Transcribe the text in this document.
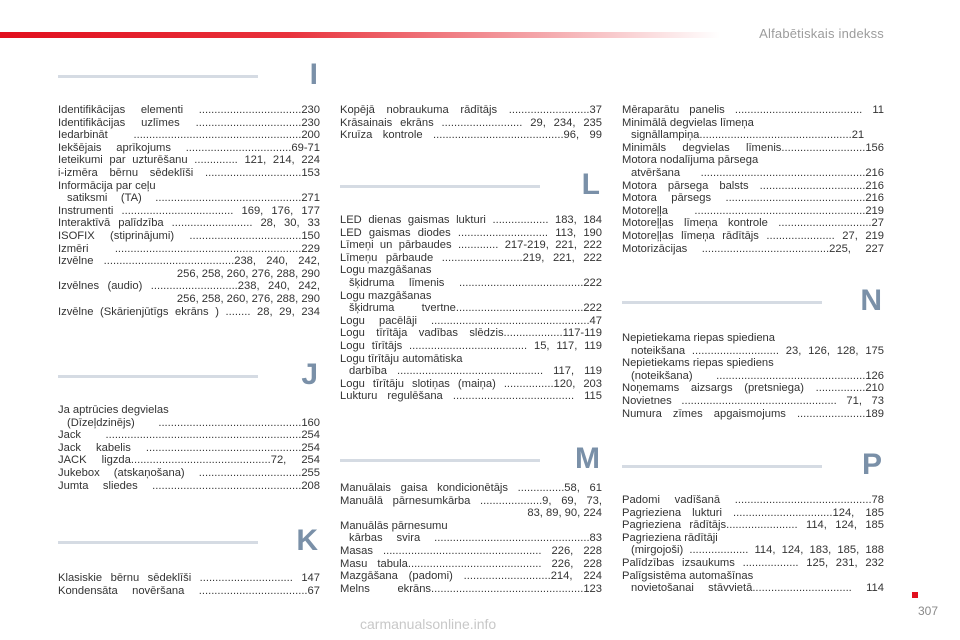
Alfabētiskais indekss
I
Identifikācijas elementi .................................230
Identifikācijas uzlīmes ..................................230
Iedarbināt ......................................................200
Iekšējais aprīkojums ..................................69-71
Ieteikumi par uzturēšanu .............. 121, 214, 224
i-izmēra bērnu sēdeklīši ...............................153
Informācija par ceļu
satiksmi (TA) ...............................................271
Instrumenti .................................... 169, 176, 177
Interaktīvā palīdzība .......................... 28, 30, 33
ISOFIX (stiprinājumi) ....................................150
Izmēri ............................................................229
Izvēlne ..........................................238, 240, 242,
256, 258, 260, 276, 288, 290
Izvēlnes (audio) ............................238, 240, 242,
256, 258, 260, 276, 288, 290
Izvēlne (Skārienjūtīgs ekrāns ) ........ 28, 29, 234
J
Ja aptrūcies degvielas
(Dīzeļdzinējs) ..............................................160
Jack ...............................................................254
Jack kabelis ..................................................254
JACK ligzda.............................................72, 254
Jukebox (atskaņošana) .................................255
Jumta sliedes ................................................208
K
Klasiskie bērnu sēdeklīši .............................. 147
Kondensāta novēršana ...................................67
Kopējā nobraukuma rādītājs ..........................37
Krāsainais ekrāns .......................... 29, 234, 235
Kruīza kontrole ..........................................96, 99
L
LED dienas gaismas lukturi .................. 183, 184
LED gaismas diodes ............................. 113, 190
Līmeņi un pārbaudes ............. 217-219, 221, 222
Līmeņu pārbaude ..........................219, 221, 222
Logu mazgāšanas
šķidruma līmenis ........................................222
Logu mazgāšanas
šķidruma tvertne.........................................222
Logu pacēlāji ...................................................47
Logu tīrītāja vadības slēdzis...................117-119
Logu tīrītājs ...................................... 15, 117, 119
Logu tīrītāju automātiska
darbība ............................................... 117, 119
Logu tīrītāju slotiņas (maiņa) ................120, 203
Lukturu regulēšana ....................................... 115
M
Manuālais gaisa kondicionētājs ...............58, 61
Manuālā pārnesumkārba ....................9, 69, 73,
83, 89, 90, 224
Manuālās pārnesumu
kārbas svira ..................................................83
Masas ................................................... 226, 228
Masu tabula........................................... 226, 228
Mazgāšana (padomi) ............................214, 224
Melns ekrāns.................................................123
Mēraparātu panelis ......................................... 11
Minimālā degvielas līmeņa
signāllampiņa.................................................21
Minimāls degvielas līmenis...........................156
Motora nodalījuma pārsega
atvēršana .....................................................216
Motora pārsega balsts ..................................216
Motora pārsegs .............................................216
Motoreļļa .......................................................219
Motoreļļas līmeņa kontrole ..............................27
Motoreļļas līmeņa rādītājs ...................... 27, 219
Motorizācijas .........................................225, 227
N
Nepietiekama riepas spiediena
noteikšana ............................ 23, 126, 128, 175
Nepietiekams riepas spiediens
(noteikšana) ................................................126
Noņemams aizsargs (pretsniega) ................210
Novietnes .................................................. 71, 73
Numura zīmes apgaismojums ......................189
P
Padomi vadīšanā ............................................78
Pagrieziena lukturi ................................124, 185
Pagrieziena rādītājs....................... 114, 124, 185
Pagrieziena rādītāji
(mirgojoši) ................... 114, 124, 183, 185, 188
Palīdzības izsaukums .................. 125, 231, 232
Palīgsistēma automašīnas
novietošanai stāvvietā................................ 114
307
carmanualsonline.info
